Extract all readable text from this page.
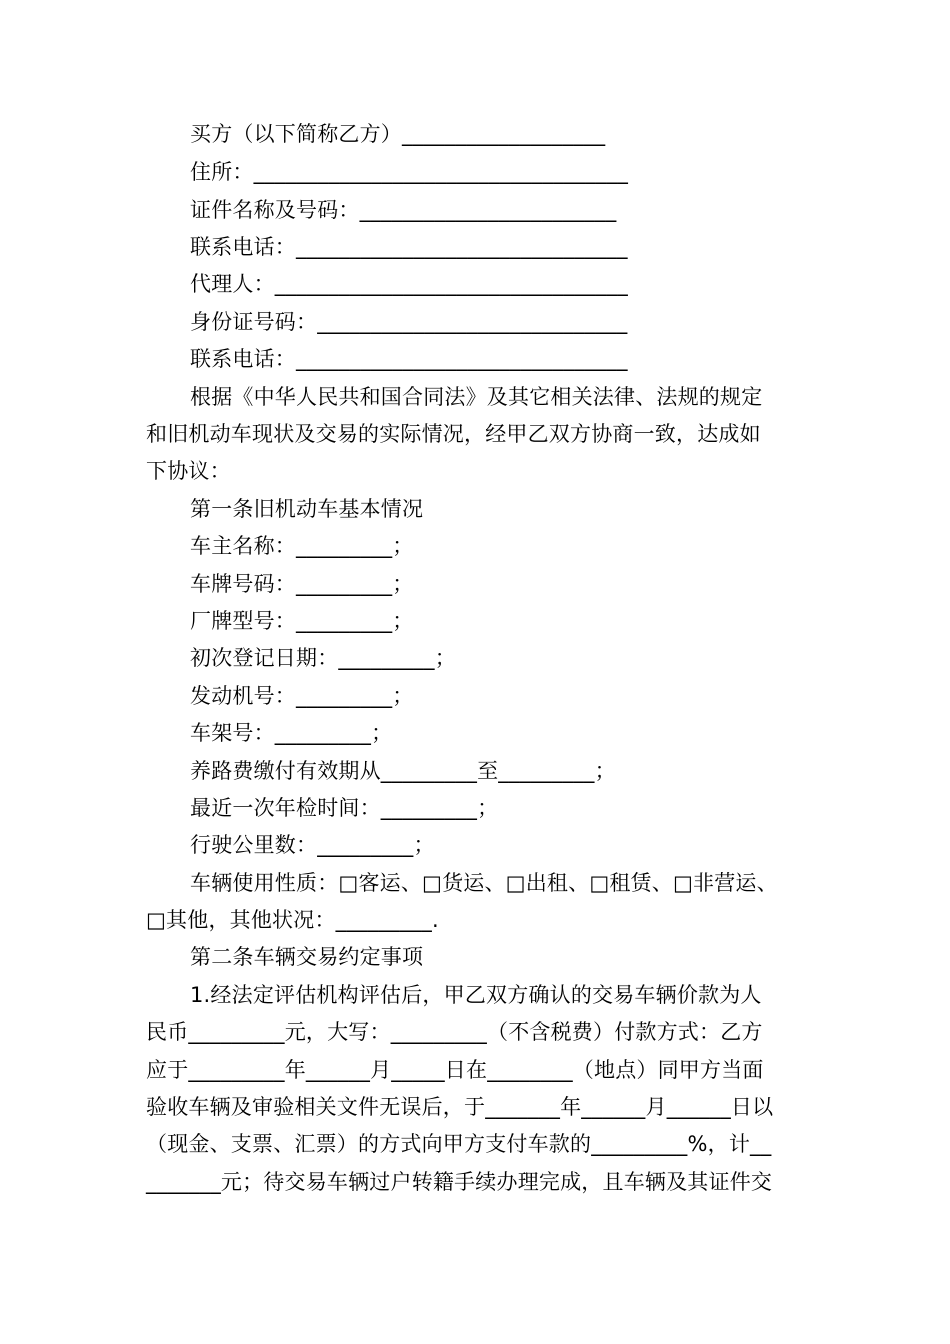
买方（以下简称乙方）___________________
住所：___________________________________
证件名称及号码：________________________
联系电话：_______________________________
代理人：_________________________________
身份证号码：_____________________________
联系电话：_______________________________
根据《中华人民共和国合同法》及其它相关法律、法规的规定
和旧机动车现状及交易的实际情况，经甲乙双方协商一致，达成如
下协议：
第一条旧机动车基本情况
车主名称：_________；
车牌号码：_________；
厂牌型号：_________；
初次登记日期：_________；
发动机号：_________；
车架号：_________；
养路费缴付有效期从_________至_________；
最近一次年检时间：_________；
行驶公里数：_________；
车辆使用性质：□客运、□货运、□出租、□租赁、□非营运、
□其他，其他状况：_________.
第二条车辆交易约定事项
1.经法定评估机构评估后，甲乙双方确认的交易车辆价款为人
民币_________元，大写：_________（不含税费）付款方式：乙方
应于_________年______月_____日在________（地点）同甲方当面
验收车辆及审验相关文件无误后，于_______年______月______日以
（现金、支票、汇票）的方式向甲方支付车款的_________%，计__
_______元；待交易车辆过户转籍手续办理完成，且车辆及其证件交
